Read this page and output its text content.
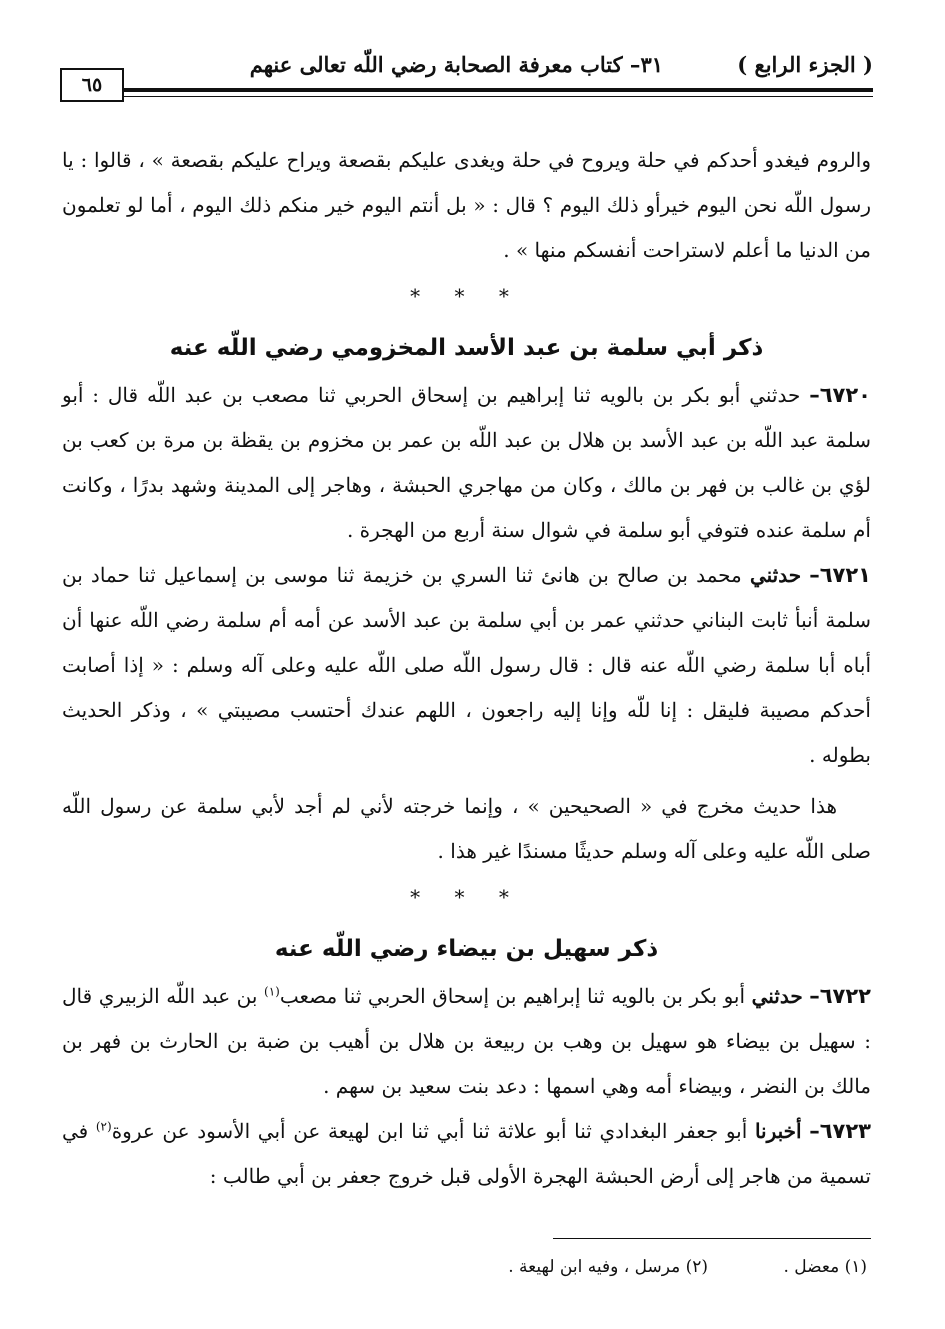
( الجزء الرابع )
٣١– كتاب معرفة الصحابة رضي اللّه تعالى عنهم
٦٥

والروم فيغدو أحدكم في حلة ويروح في حلة ويغدى عليكم بقصعة ويراح عليكم بقصعة » ، قالوا : يا رسول اللّه نحن اليوم خيرأو ذلك اليوم ؟ قال : « بل أنتم اليوم خير منكم ذلك اليوم ، أما لو تعلمون من الدنيا ما أعلم لاستراحت أنفسكم منها » .

* * *
ذكر أبي سلمة بن عبد الأسد المخزومي رضي اللّه عنه

٦٧٢٠– حدثني أبو بكر بن بالويه ثنا إبراهيم بن إسحاق الحربي ثنا مصعب بن عبد اللّه قال : أبو سلمة عبد اللّه بن عبد الأسد بن هلال بن عبد اللّه بن عمر بن مخزوم بن يقظة بن مرة بن كعب بن لؤي بن غالب بن فهر بن مالك ، وكان من مهاجري الحبشة ، وهاجر إلى المدينة وشهد بدرًا ، وكانت أم سلمة عنده فتوفي أبو سلمة في شوال سنة أربع من الهجرة .

٦٧٢١– حدثني محمد بن صالح بن هانئ ثنا السري بن خزيمة ثنا موسى بن إسماعيل ثنا حماد بن سلمة أنبأ ثابت البناني حدثني عمر بن أبي سلمة بن عبد الأسد عن أمه أم سلمة رضي اللّه عنها أن أباه أبا سلمة رضي اللّه عنه قال : قال رسول اللّه صلى اللّه عليه وعلى آله وسلم : « إذا أصابت أحدكم مصيبة فليقل : إنا للّه وإنا إليه راجعون ، اللهم عندك أحتسب مصيبتي » ، وذكر الحديث بطوله .

هذا حديث مخرج في « الصحيحين » ، وإنما خرجته لأني لم أجد لأبي سلمة عن رسول اللّه صلى اللّه عليه وعلى آله وسلم حديثًا مسندًا غير هذا .

* * *
ذكر سهيل بن بيضاء رضي اللّه عنه

٦٧٢٢– حدثني أبو بكر بن بالويه ثنا إبراهيم بن إسحاق الحربي ثنا مصعب$^{(١)}$ بن عبد اللّه الزبيري قال : سهيل بن بيضاء هو سهيل بن وهب بن ربيعة بن هلال بن أهيب بن ضبة بن الحارث بن فهر بن مالك بن النضر ، وبيضاء أمه وهي اسمها : دعد بنت سعيد بن سهم .

٦٧٢٣– أخبرنا أبو جعفر البغدادي ثنا أبو علاثة ثنا أبي ثنا ابن لهيعة عن أبي الأسود عن عروة$^{(٢)}$ في تسمية من هاجر إلى أرض الحبشة الهجرة الأولى قبل خروج جعفر بن أبي طالب :

(١) معضل . (٢) مرسل ، وفيه ابن لهيعة .
